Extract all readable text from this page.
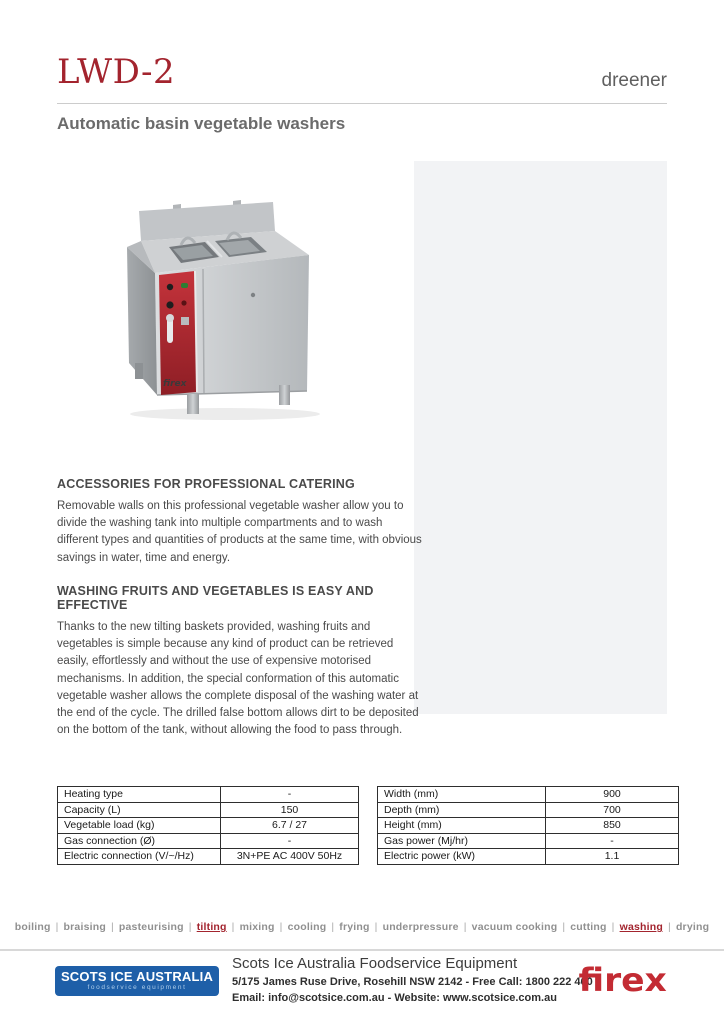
LWD-2	dreener
Automatic basin vegetable washers
firex
ACCESSORIES FOR PROFESSIONAL CATERING

Removable walls on this professional vegetable washer allow you to divide the washing tank into multiple compartments and to wash different types and quantities of products at the same time, with obvious savings in water, time and energy.

WASHING FRUITS AND VEGETABLES IS EASY AND EFFECTIVE

Thanks to the new tilting baskets provided, washing fruits and vegetables is simple because any kind of product can be retrieved easily, effortlessly and without the use of expensive motorised mechanisms. In addition, the special conformation of this automatic vegetable washer allows the complete disposal of the washing water at the end of the cycle. The drilled false bottom allows dirt to be deposited on the bottom of the tank, without allowing the food to pass through.

Heating type	-
Capacity (L)	150
Vegetable load (kg)	6.7 / 27
Gas connection (Ø)	-
Electric connection (V/~/Hz)	3N+PE AC 400V 50Hz
Width (mm)	900
Depth (mm)	700
Height (mm)	850
Gas power (Mj/hr)	-
Electric power (kW)	1.1
boiling | braising | pasteurising | tilting | mixing | cooling | frying | underpressure | vacuum cooking | cutting | washing | drying
SCOTS ICE AUSTRALIA
foodservice equipment

Scots Ice Australia Foodservice Equipment

5/175 James Ruse Drive, Rosehill NSW 2142 - Free Call: 1800 222 460

Email: info@scotsice.com.au - Website: www.scotsice.com.au firex
